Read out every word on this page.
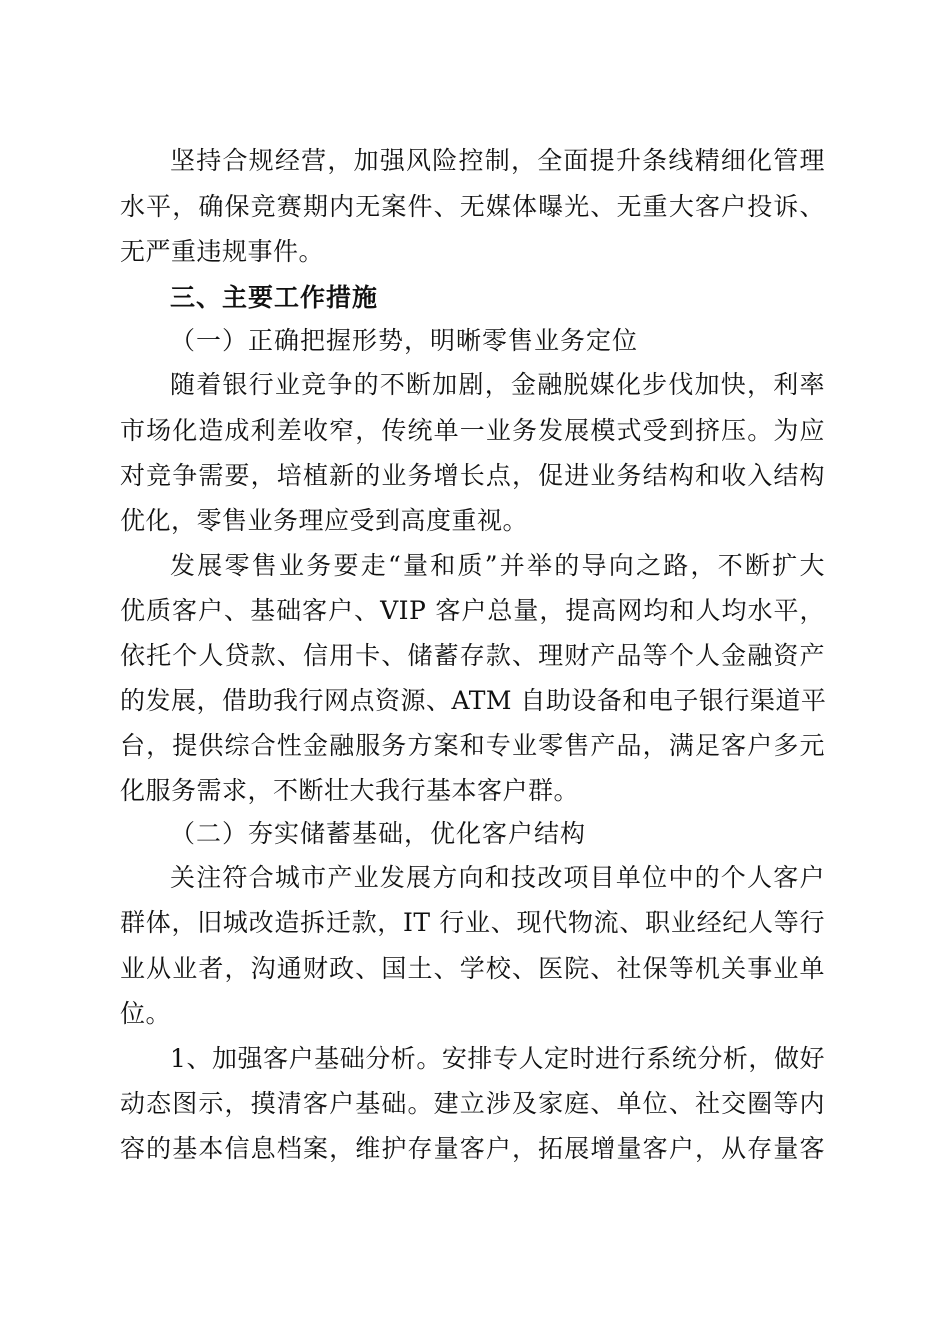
坚持合规经营，加强风险控制，全面提升条线精细化管理
水平，确保竞赛期内无案件、无媒体曝光、无重大客户投诉、
无严重违规事件。
三、主要工作措施
（一）正确把握形势，明晰零售业务定位
随着银行业竞争的不断加剧，金融脱媒化步伐加快，利率
市场化造成利差收窄，传统单一业务发展模式受到挤压。为应
对竞争需要，培植新的业务增长点，促进业务结构和收入结构
优化，零售业务理应受到高度重视。
发展零售业务要走“量和质”并举的导向之路，不断扩大
优质客户、基础客户、VIP 客户总量，提高网均和人均水平，
依托个人贷款、信用卡、储蓄存款、理财产品等个人金融资产
的发展，借助我行网点资源、ATM 自助设备和电子银行渠道平
台，提供综合性金融服务方案和专业零售产品，满足客户多元
化服务需求，不断壮大我行基本客户群。
（二）夯实储蓄基础，优化客户结构
关注符合城市产业发展方向和技改项目单位中的个人客户
群体，旧城改造拆迁款，IT 行业、现代物流、职业经纪人等行
业从业者，沟通财政、国土、学校、医院、社保等机关事业单
位。
1、加强客户基础分析。安排专人定时进行系统分析，做好
动态图示，摸清客户基础。建立涉及家庭、单位、社交圈等内
容的基本信息档案，维护存量客户，拓展增量客户，从存量客
